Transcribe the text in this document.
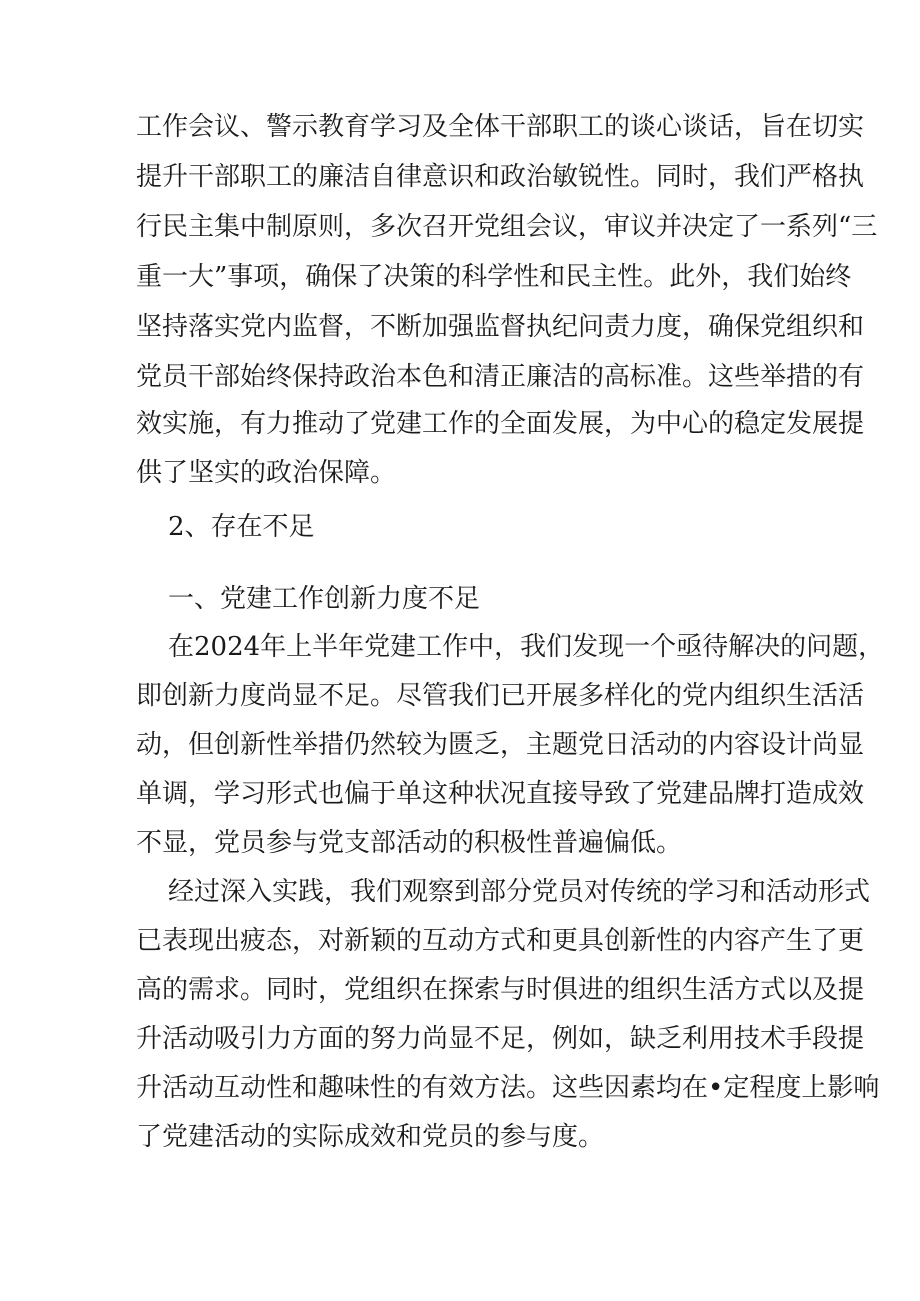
工作会议、警示教育学习及全体干部职工的谈心谈话，旨在切实
提升干部职工的廉洁自律意识和政治敏锐性。同时，我们严格执
行民主集中制原则，多次召开党组会议，审议并决定了一系列“三
重一大”事项，确保了决策的科学性和民主性。此外，我们始终
坚持落实党内监督，不断加强监督执纪问责力度，确保党组织和
党员干部始终保持政治本色和清正廉洁的高标准。这些举措的有
效实施，有力推动了党建工作的全面发展，为中心的稳定发展提
供了坚实的政治保障。
2、存在不足
一、党建工作创新力度不足
在2024年上半年党建工作中，我们发现一个亟待解决的问题，
即创新力度尚显不足。尽管我们已开展多样化的党内组织生活活
动，但创新性举措仍然较为匮乏，主题党日活动的内容设计尚显
单调，学习形式也偏于单这种状况直接导致了党建品牌打造成效
不显，党员参与党支部活动的积极性普遍偏低。
经过深入实践，我们观察到部分党员对传统的学习和活动形式
已表现出疲态，对新颖的互动方式和更具创新性的内容产生了更
高的需求。同时，党组织在探索与时俱进的组织生活方式以及提
升活动吸引力方面的努力尚显不足，例如，缺乏利用技术手段提
升活动互动性和趣味性的有效方法。这些因素均在•定程度上影响
了党建活动的实际成效和党员的参与度。
